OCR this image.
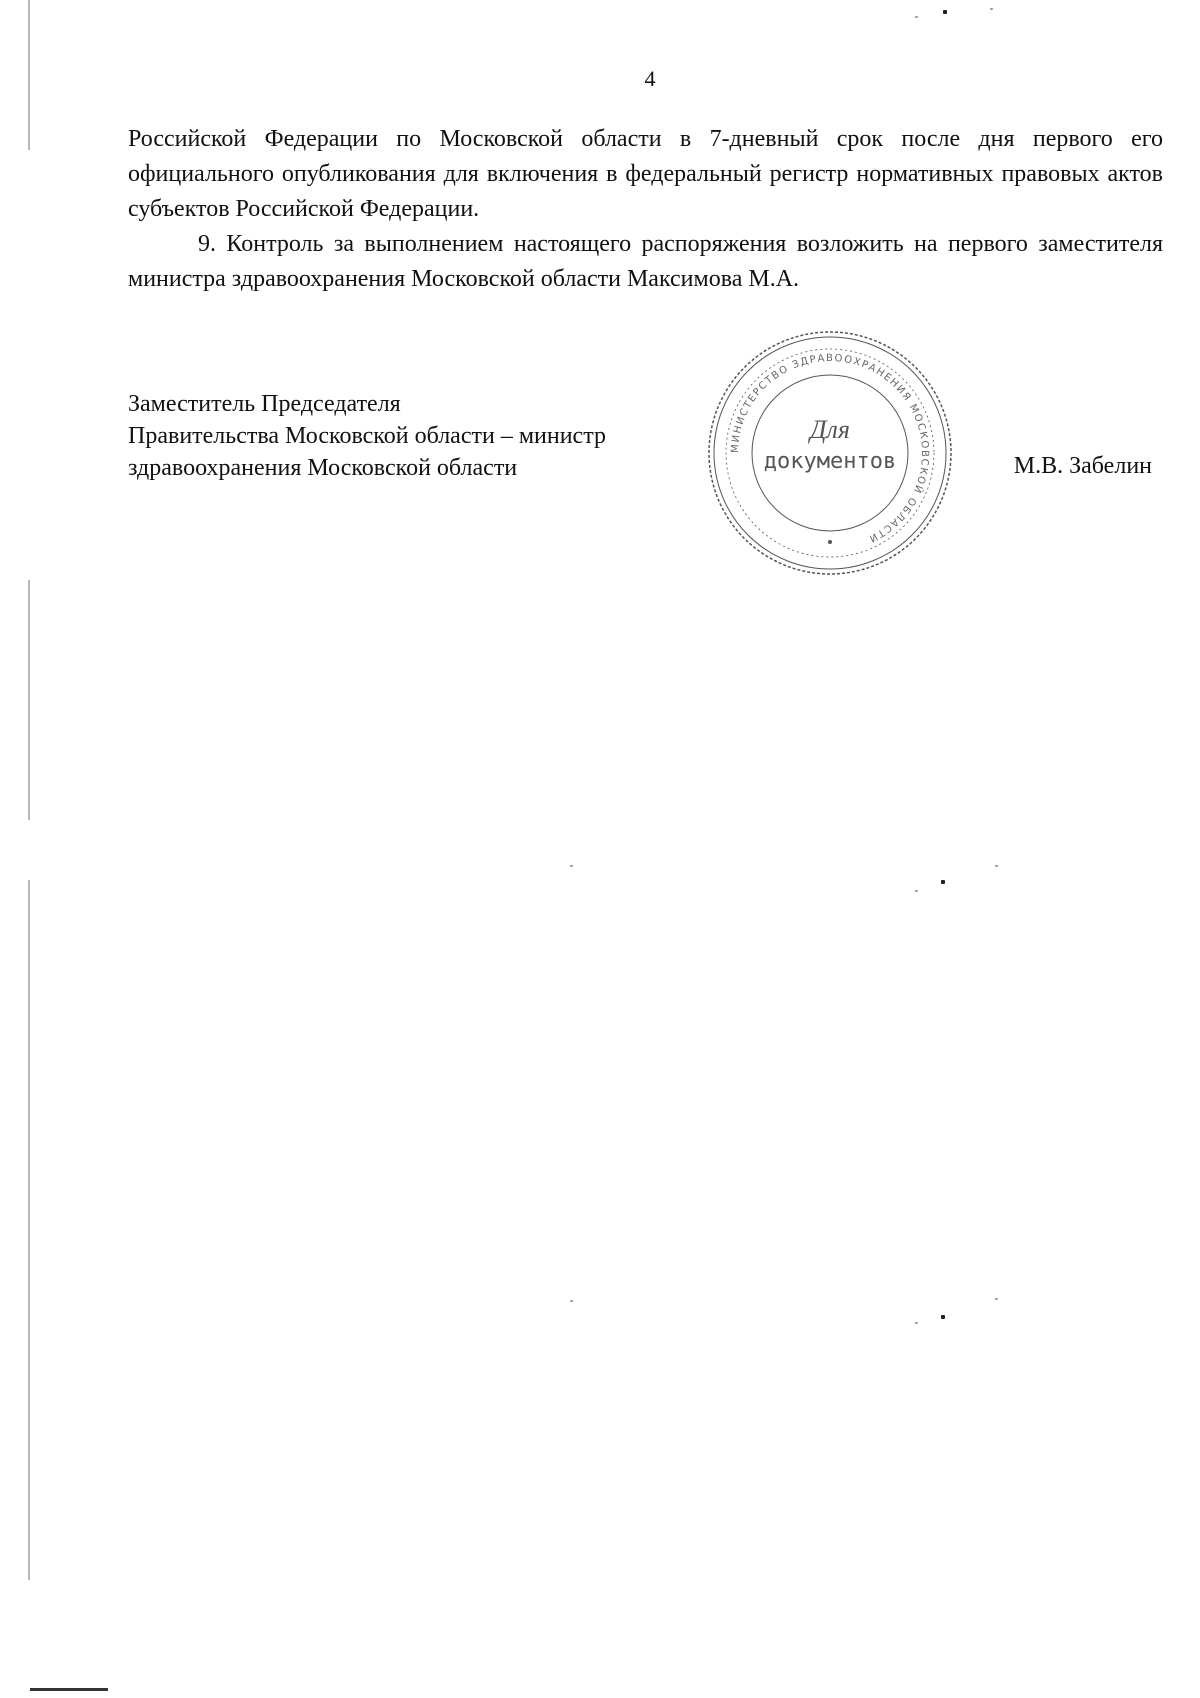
4

Российской Федерации по Московской области в 7-дневный срок после дня первого его официального опубликования для включения в федеральный регистр нормативных правовых актов субъектов Российской Федерации.

9. Контроль за выполнением настоящего распоряжения возложить на первого заместителя министра здравоохранения Московской области Максимова М.А.

Заместитель Председателя
Правительства Московской области – министр
здравоохранения Московской области	М.В. Забелин
МИНИСТЕРСТВО ЗДРАВООХРАНЕНИЯ МОСКОВСКОЙ ОБЛАСТИ
Для
документов
